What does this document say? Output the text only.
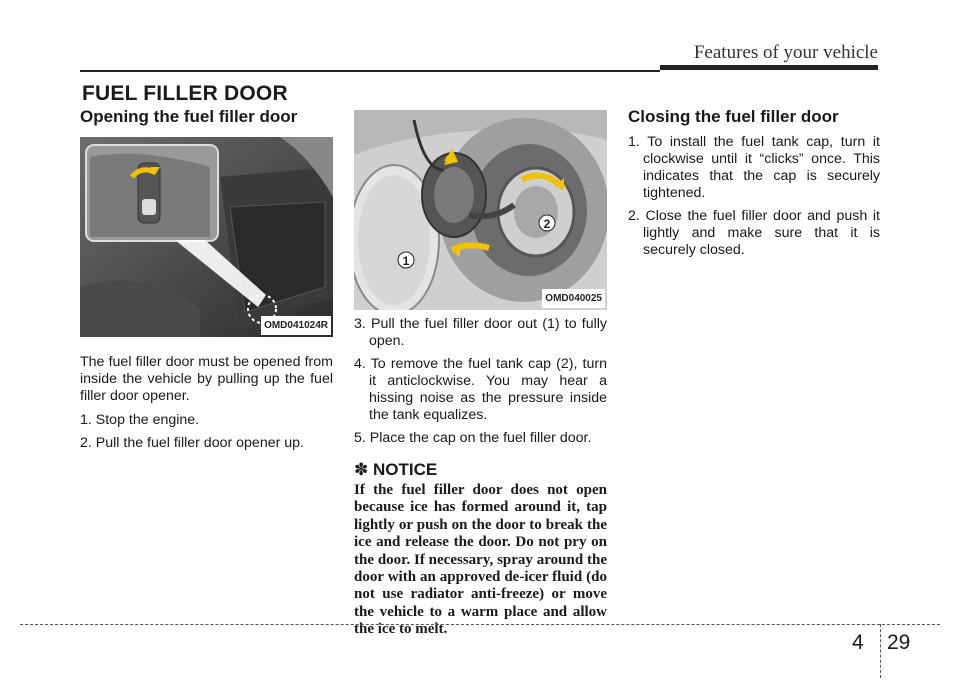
Features of your vehicle
FUEL FILLER DOOR
Opening the fuel filler door
OMD041024R

The fuel filler door must be opened from inside the vehicle by pulling up the fuel filler door opener.

1. Stop the engine.
2. Pull the fuel filler door opener up.
1
2
OMD040025
3. Pull the fuel filler door out (1) to fully open.
4. To remove the fuel tank cap (2), turn it anticlockwise. You may hear a hissing noise as the pressure inside the tank equalizes.
5. Place the cap on the fuel filler door.
✽ NOTICE

If the fuel filler door does not open because ice has formed around it, tap lightly or push on the door to break the ice and release the door. Do not pry on the door. If necessary, spray around the door with an approved de-icer fluid (do not use radiator anti-freeze) or move the vehicle to a warm place and allow the ice to melt.

Closing the fuel filler door
1. To install the fuel tank cap, turn it clockwise until it “clicks” once. This indicates that the cap is securely tightened.
2. Close the fuel filler door and push it lightly and make sure that it is securely closed.
4 29
